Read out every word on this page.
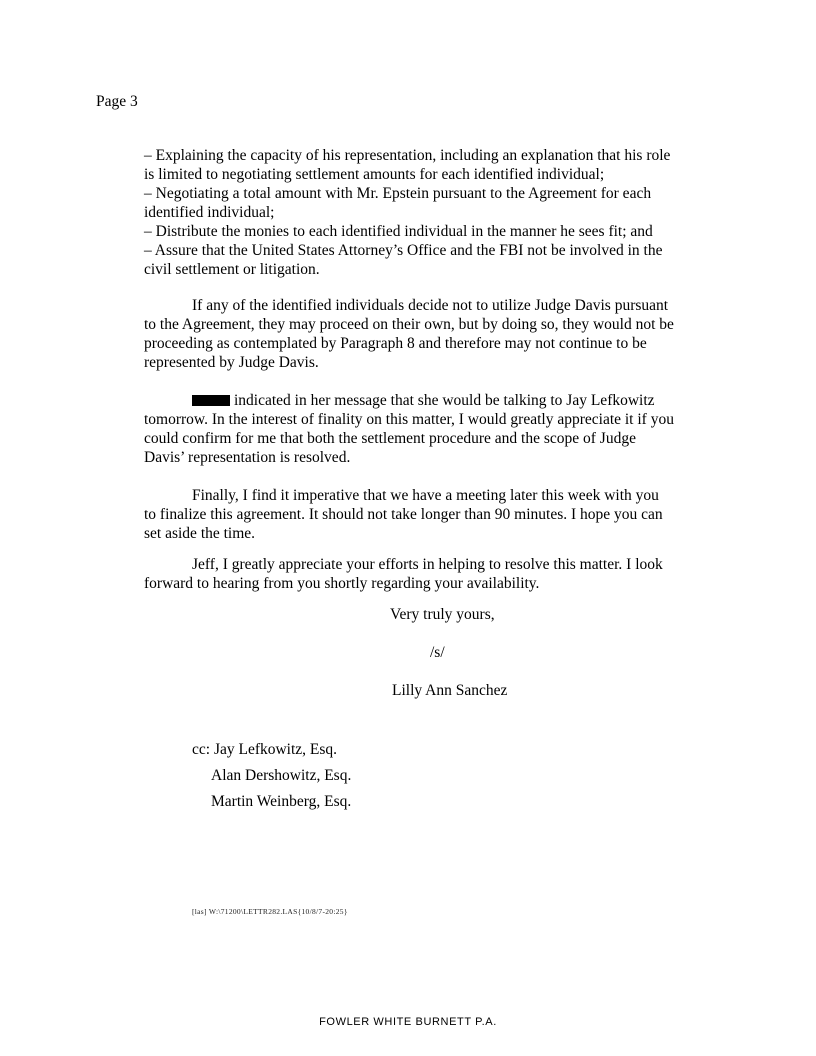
Page 3
– Explaining the capacity of his representation, including an explanation that his role is limited to negotiating settlement amounts for each identified individual;
– Negotiating a total amount with Mr. Epstein pursuant to the Agreement for each identified individual;
– Distribute the monies to each identified individual in the manner he sees fit; and
– Assure that the United States Attorney’s Office and the FBI not be involved in the civil settlement or litigation.

If any of the identified individuals decide not to utilize Judge Davis pursuant to the Agreement, they may proceed on their own, but by doing so, they would not be proceeding as contemplated by Paragraph 8 and therefore may not continue to be represented by Judge Davis.

indicated in her message that she would be talking to Jay Lefkowitz tomorrow. In the interest of finality on this matter, I would greatly appreciate it if you could confirm for me that both the settlement procedure and the scope of Judge Davis’ representation is resolved.

Finally, I find it imperative that we have a meeting later this week with you to finalize this agreement. It should not take longer than 90 minutes. I hope you can set aside the time.

Jeff, I greatly appreciate your efforts in helping to resolve this matter. I look forward to hearing from you shortly regarding your availability.

Very truly yours,
/s/
Lilly Ann Sanchez
cc: Jay Lefkowitz, Esq.
Alan Dershowitz, Esq.
Martin Weinberg, Esq.
[las] W:\71200\LETTR282.LAS{10/8/7-20:25}
FOWLER WHITE BURNETT P.A.
